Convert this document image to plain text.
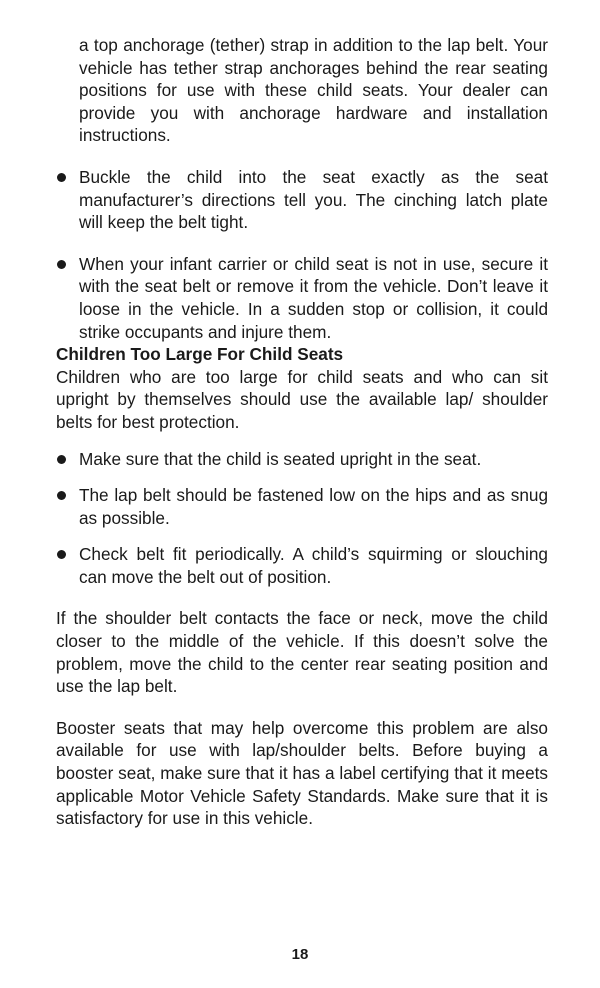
a top anchorage (tether) strap in addition to the lap belt. Your vehicle has tether strap anchorages behind the rear seating positions for use with these child seats. Your dealer can provide you with anchorage hardware and installation instructions.

Buckle the child into the seat exactly as the seat manufacturer’s directions tell you. The cinching latch plate will keep the belt tight.
When your infant carrier or child seat is not in use, secure it with the seat belt or remove it from the vehicle. Don’t leave it loose in the vehicle. In a sudden stop or collision, it could strike occupants and injure them.
Children Too Large For Child Seats

Children who are too large for child seats and who can sit upright by themselves should use the available lap/ shoulder belts for best protection.

Make sure that the child is seated upright in the seat.
The lap belt should be fastened low on the hips and as snug as possible.
Check belt fit periodically. A child’s squirming or slouching can move the belt out of position.

If the shoulder belt contacts the face or neck, move the child closer to the middle of the vehicle. If this doesn’t solve the problem, move the child to the center rear seating position and use the lap belt.

Booster seats that may help overcome this problem are also available for use with lap/shoulder belts. Before buying a booster seat, make sure that it has a label certifying that it meets applicable Motor Vehicle Safety Standards. Make sure that it is satisfactory for use in this vehicle.

18
